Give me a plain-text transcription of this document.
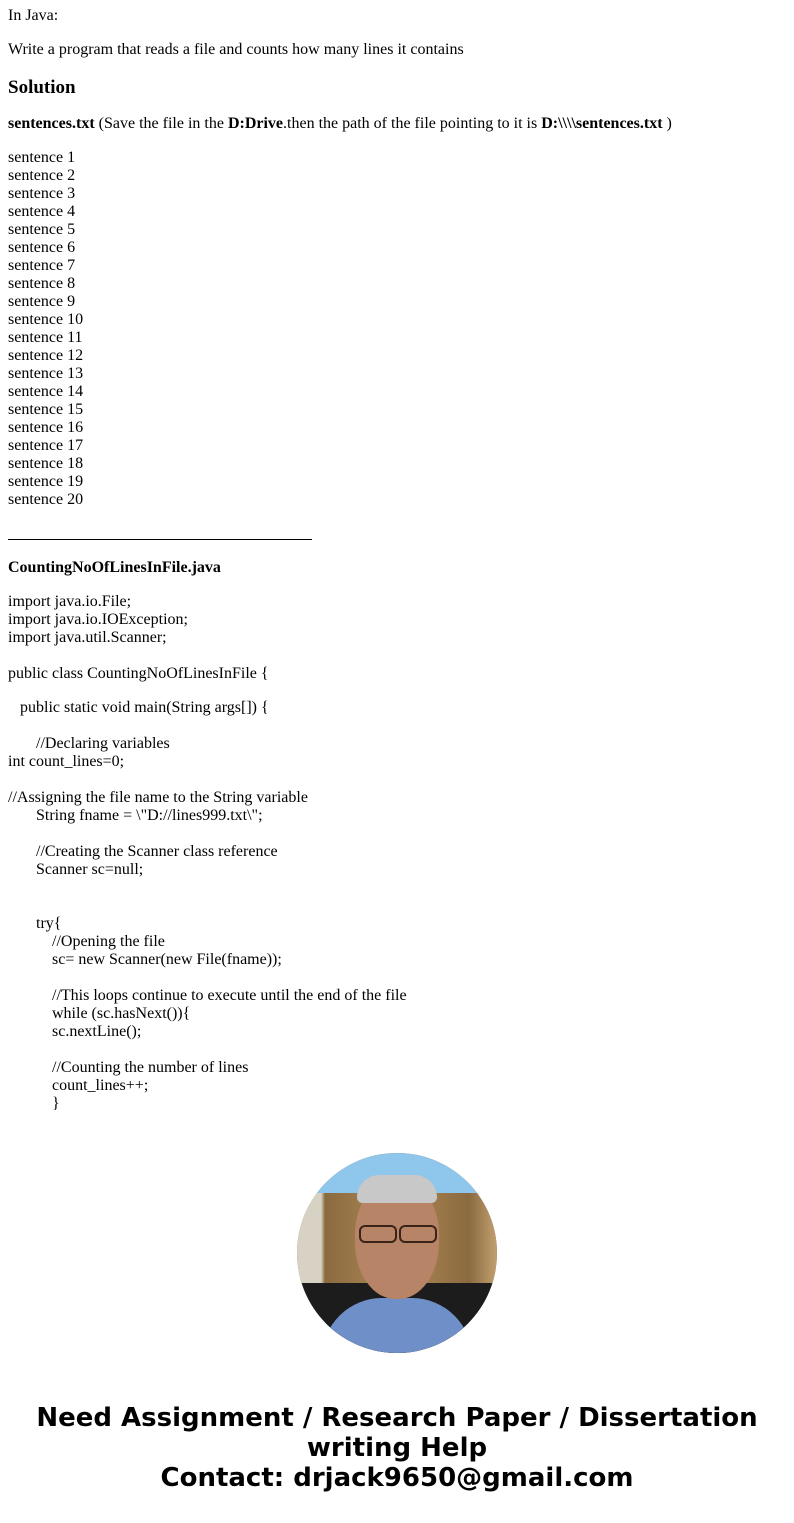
In Java:

Write a program that reads a file and counts how many lines it contains

Solution

sentences.txt (Save the file in the D:Drive.then the path of the file pointing to it is D:\\\\sentences.txt )

sentence 1
sentence 2
sentence 3
sentence 4
sentence 5
sentence 6
sentence 7
sentence 8
sentence 9
sentence 10
sentence 11
sentence 12
sentence 13
sentence 14
sentence 15
sentence 16
sentence 17
sentence 18
sentence 19
sentence 20

CountingNoOfLinesInFile.java

import java.io.File;
import java.io.IOException;
import java.util.Scanner;
public class CountingNoOfLinesInFile {
public static void main(String args[]) {
//Declaring variables
int count_lines=0;
//Assigning the file name to the String variable
String fname = \"D://lines999.txt\";
//Creating the Scanner class reference
Scanner sc=null;
try{
//Opening the file
sc= new Scanner(new File(fname));
//This loops continue to execute until the end of the file
while (sc.hasNext()){
sc.nextLine();
//Counting the number of lines
count_lines++;
}
Need Assignment / Research Paper / Dissertation
writing Help
Contact: drjack9650@gmail.com
